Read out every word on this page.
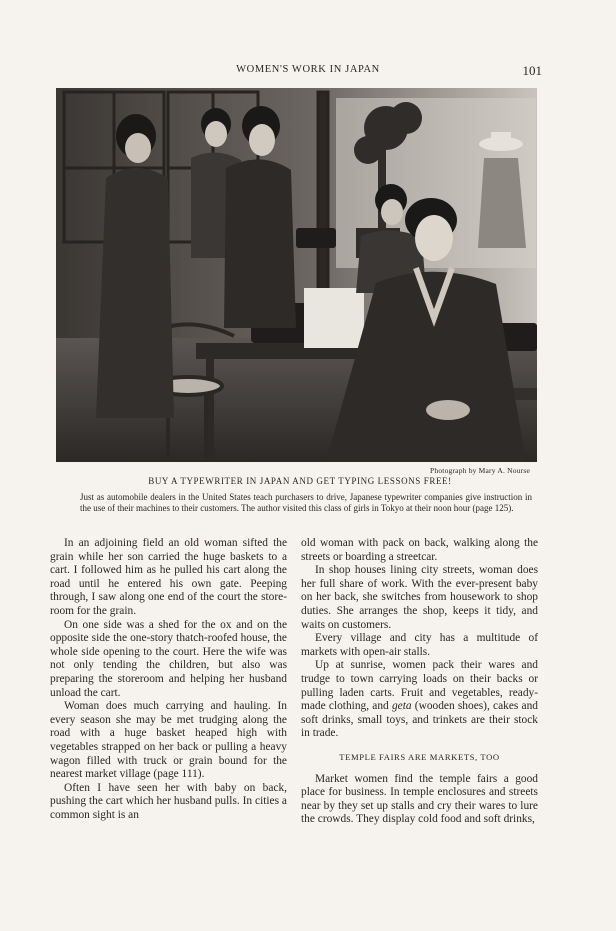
WOMEN'S WORK IN JAPAN	101
Photograph by Mary A. Nourse
BUY A TYPEWRITER IN JAPAN AND GET TYPING LESSONS FREE!
Just as automobile dealers in the United States teach purchasers to drive, Japanese typewriter companies give instruction in the use of their machines to their customers. The author visited this class of girls in Tokyo at their noon hour (page 125).

In an adjoining field an old woman sifted the grain while her son carried the huge baskets to a cart. I followed him as he pulled his cart along the road until he entered his own gate. Peeping through, I saw along one end of the court the store-room for the grain.

On one side was a shed for the ox and on the opposite side the one-story thatch-roofed house, the whole side opening to the court. Here the wife was not only tending the children, but also was preparing the storeroom and helping her husband unload the cart.

Woman does much carrying and hauling. In every season she may be met trudging along the road with a huge basket heaped high with vegetables strapped on her back or pulling a heavy wagon filled with truck or grain bound for the nearest market village (page 111).

Often I have seen her with baby on back, pushing the cart which her husband pulls. In cities a common sight is an

old woman with pack on back, walking along the streets or boarding a streetcar.

In shop houses lining city streets, woman does her full share of work. With the ever-present baby on her back, she switches from housework to shop duties. She arranges the shop, keeps it tidy, and waits on customers.

Every village and city has a multitude of markets with open-air stalls.

Up at sunrise, women pack their wares and trudge to town carrying loads on their backs or pulling laden carts. Fruit and vegetables, ready-made clothing, and geta (wooden shoes), cakes and soft drinks, small toys, and trinkets are their stock in trade.

TEMPLE FAIRS ARE MARKETS, TOO

Market women find the temple fairs a good place for business. In temple enclosures and streets near by they set up stalls and cry their wares to lure the crowds. They display cold food and soft drinks,
